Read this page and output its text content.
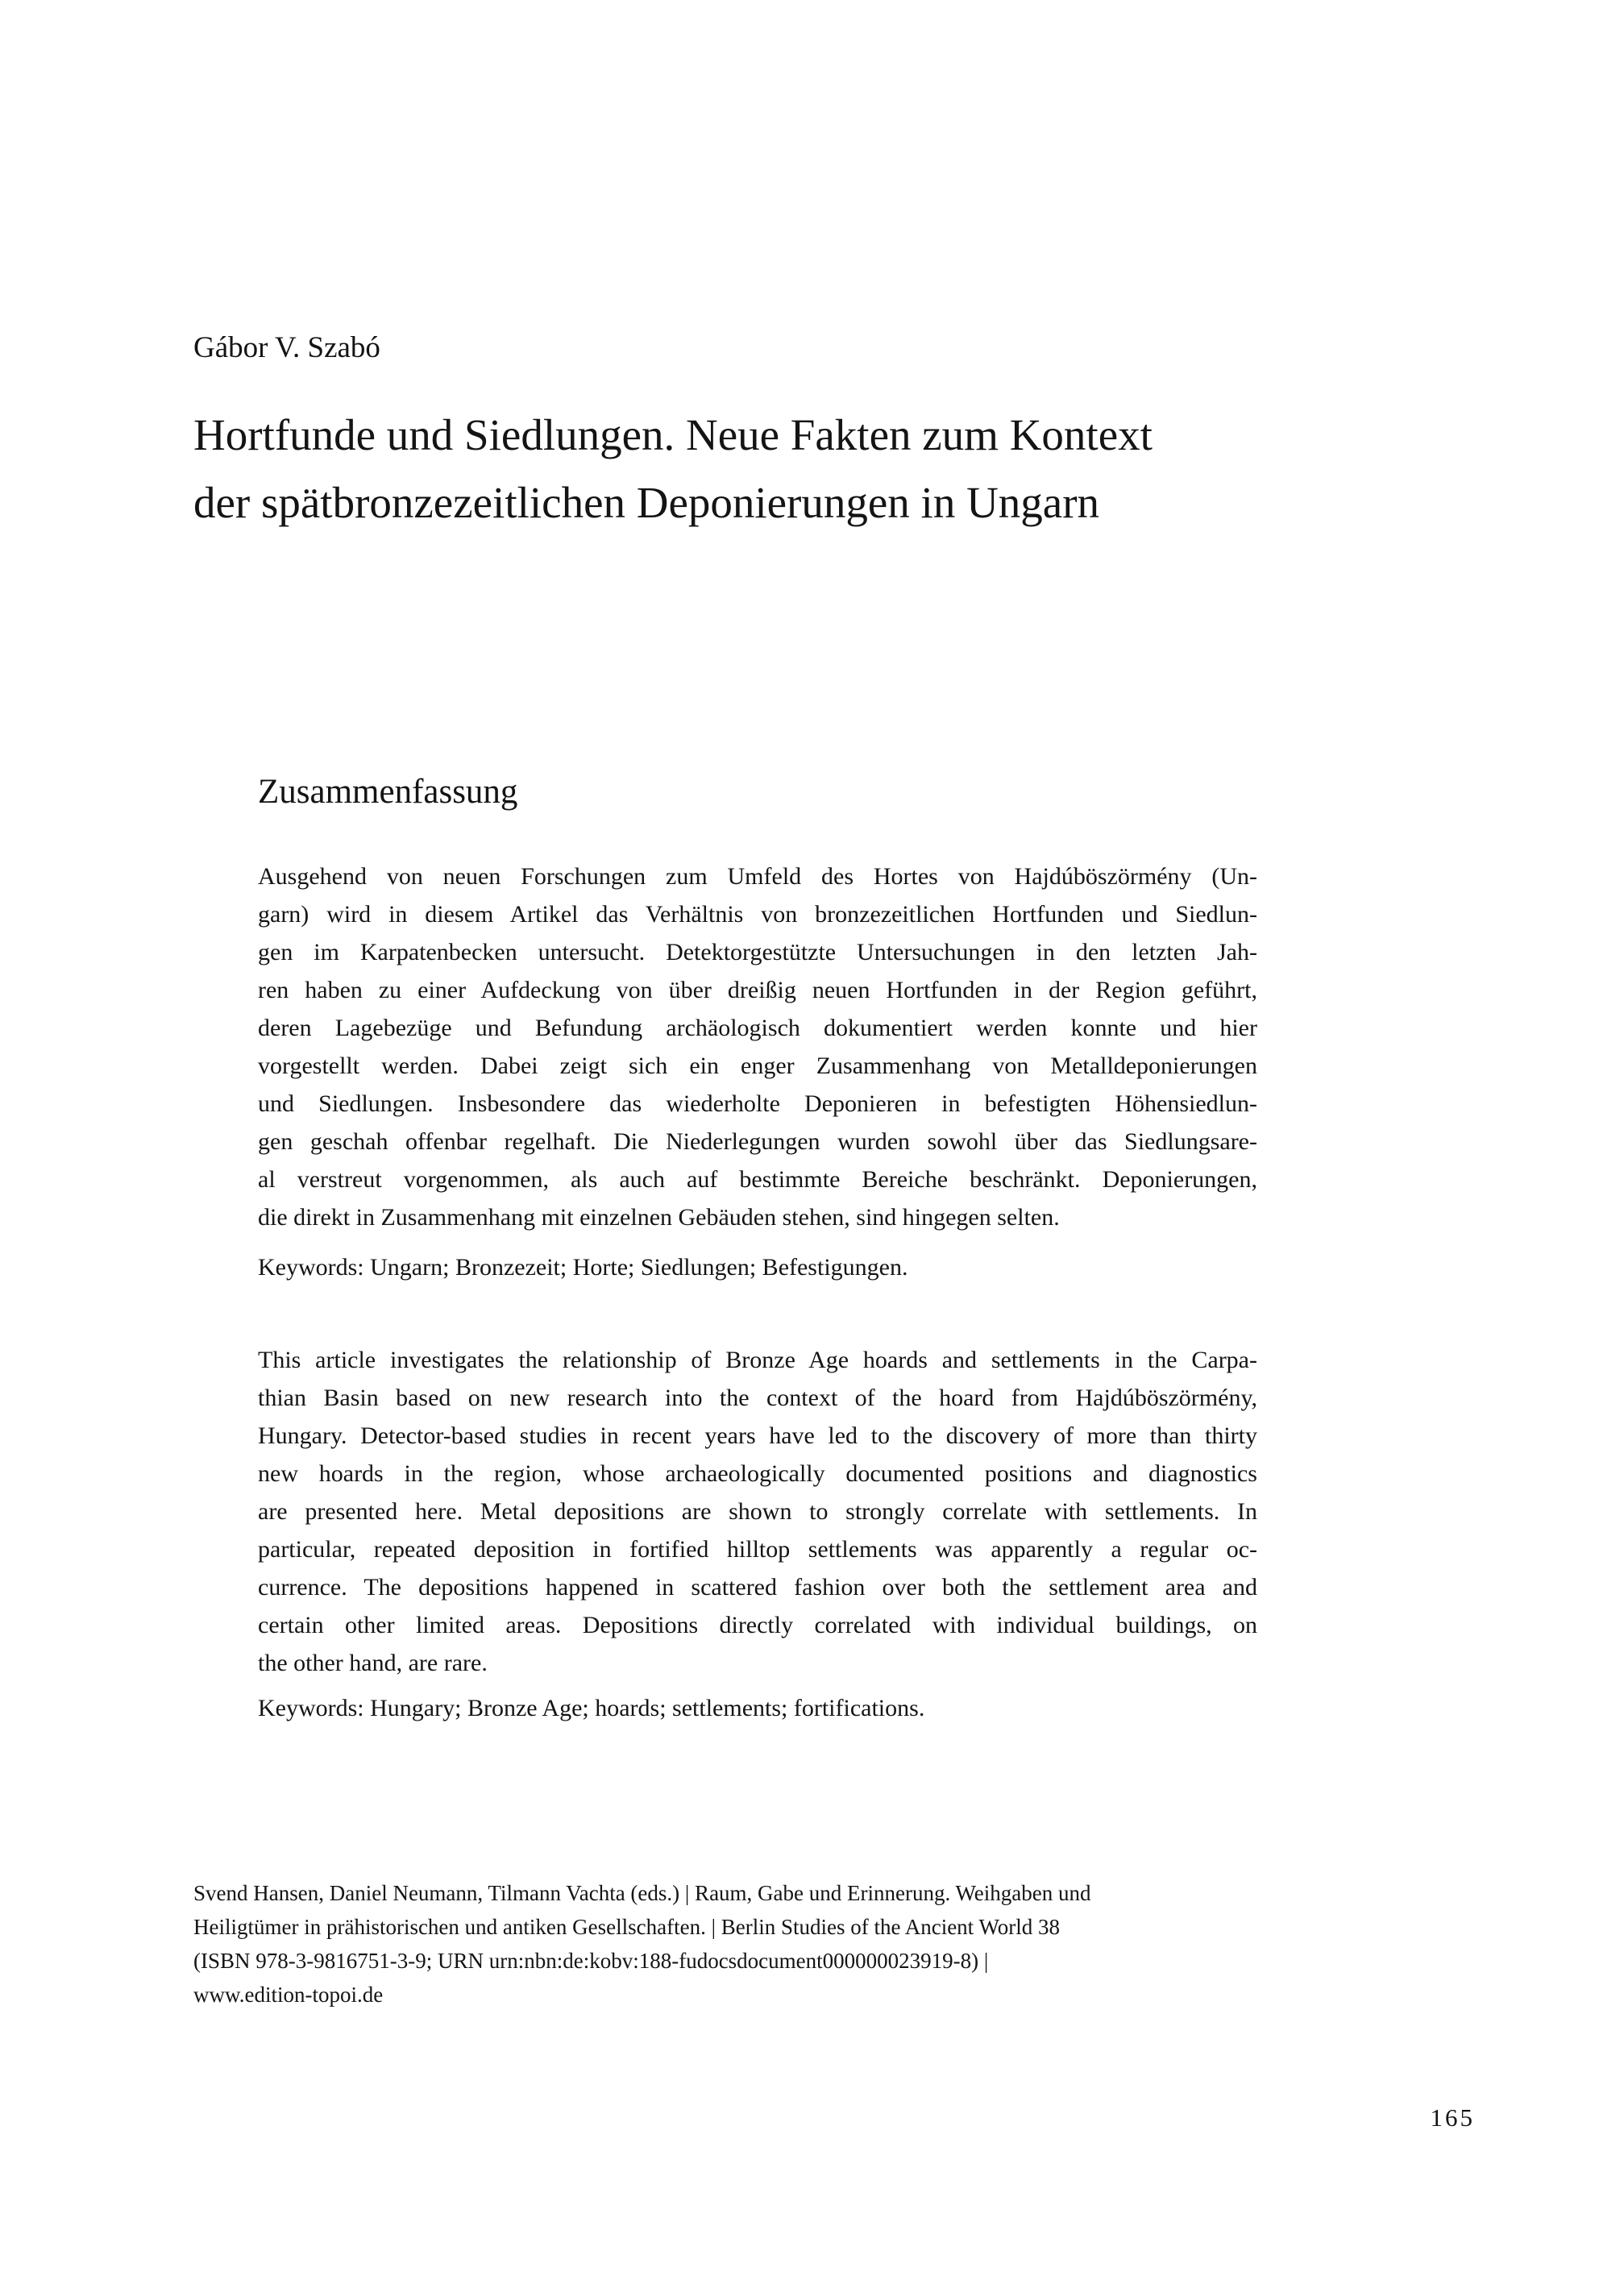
Gábor V. Szabó
Hortfunde und Siedlungen. Neue Fakten zum Kontext
der spätbronzezeitlichen Deponierungen in Ungarn
Zusammenfassung
Ausgehend von neuen Forschungen zum Umfeld des Hortes von Hajdúböszörmény (Un-
garn) wird in diesem Artikel das Verhältnis von bronzezeitlichen Hortfunden und Siedlun-
gen im Karpatenbecken untersucht. Detektorgestützte Untersuchungen in den letzten Jah-
ren haben zu einer Aufdeckung von über dreißig neuen Hortfunden in der Region geführt,
deren Lagebezüge und Befundung archäologisch dokumentiert werden konnte und hier
vorgestellt werden. Dabei zeigt sich ein enger Zusammenhang von Metalldeponierungen
und Siedlungen. Insbesondere das wiederholte Deponieren in befestigten Höhensiedlun-
gen geschah offenbar regelhaft. Die Niederlegungen wurden sowohl über das Siedlungsare-
al verstreut vorgenommen, als auch auf bestimmte Bereiche beschränkt. Deponierungen,
die direkt in Zusammenhang mit einzelnen Gebäuden stehen, sind hingegen selten.
Keywords: Ungarn; Bronzezeit; Horte; Siedlungen; Befestigungen.
This article investigates the relationship of Bronze Age hoards and settlements in the Carpa-
thian Basin based on new research into the context of the hoard from Hajdúböszörmény,
Hungary. Detector-based studies in recent years have led to the discovery of more than thirty
new hoards in the region, whose archaeologically documented positions and diagnostics
are presented here. Metal depositions are shown to strongly correlate with settlements. In
particular, repeated deposition in fortified hilltop settlements was apparently a regular oc-
currence. The depositions happened in scattered fashion over both the settlement area and
certain other limited areas. Depositions directly correlated with individual buildings, on
the other hand, are rare.
Keywords: Hungary; Bronze Age; hoards; settlements; fortifications.
Svend Hansen, Daniel Neumann, Tilmann Vachta (eds.) | Raum, Gabe und Erinnerung. Weihgaben und
Heiligtümer in prähistorischen und antiken Gesellschaften. | Berlin Studies of the Ancient World 38
(ISBN 978-3-9816751-3-9; URN urn:nbn:de:kobv:188-fudocsdocument000000023919-8) |
www.edition-topoi.de
165
